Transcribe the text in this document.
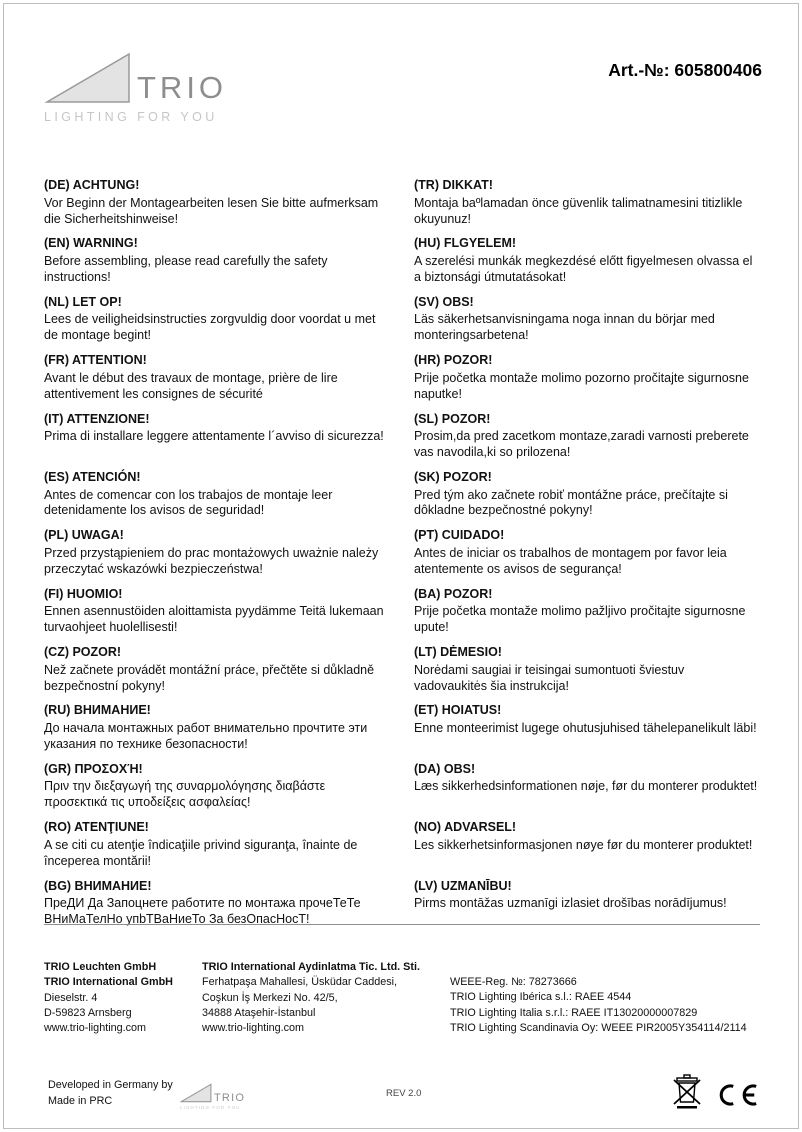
TRIO
LIGHTING FOR YOU
Art.-№: 605800406
(DE) ACHTUNG!
Vor Beginn der Montagearbeiten lesen Sie bitte aufmerksam die Sicherheitshinweise!
(TR) DIKKAT!
Montaja baºlamadan önce güvenlik talimatnamesini titizlikle okuyunuz!
(EN) WARNING!
Before assembling, please read carefully the safety instructions!
(HU) FLGYELEM!
A szerelési munkák megkezdésé előtt figyelmesen olvassa el a biztonsági útmutatásokat!
(NL) LET OP!
Lees de veiligheidsinstructies zorgvuldig door voordat u met de montage begint!
(SV) OBS!
Läs säkerhetsanvisningama noga innan du börjar med monteringsarbetena!
(FR) ATTENTION!
Avant le début des travaux de montage, prière de lire attentivement les consignes de sécurité
(HR) POZOR!
Prije početka montaže molimo pozorno pročitajte sigurnosne naputke!
(IT) ATTENZIONE!
Prima di installare leggere attentamente l´avviso di sicurezza!
(SL) POZOR!
Prosim,da pred zacetkom montaze,zaradi varnosti preberete vas navodila,ki so prilozena!
(ES) ATENCIÓN!
Antes de comencar con los trabajos de montaje leer detenidamente los avisos de seguridad!
(SK) POZOR!
Pred tým ako začnete robiť montážne práce, prečítajte si dôkladne bezpečnostné pokyny!
(PL) UWAGA!
Przed przystąpieniem do prac montażowych uważnie należy przeczytać wskazówki bezpieczeństwa!
(PT) CUIDADO!
Antes de iniciar os trabalhos de montagem por favor leia atentemente os avisos de segurança!
(FI) HUOMIO!
Ennen asennustöiden aloittamista pyydämme Teitä lukemaan turvaohjeet huolellisesti!
(BA) POZOR!
Prije početka montaže molimo pažljivo pročitajte sigurnosne upute!
(CZ) POZOR!
Než začnete provádět montážní práce, přečtěte si důkladně bezpečnostní pokyny!
(LT) DĖMESIO!
Norėdami saugiai ir teisingai sumontuoti šviestuv vadovaukitės šia instrukcija!
(RU) ВНИМАНИЕ!
До начала монтажных работ внимательно прочтите эти указания по технике безопасности!
(ET) HOIATUS!
Enne monteerimist lugege ohutusjuhised tähelepanelikult läbi!
(GR) ΠΡΟΣΟΧΉ!
Πριν την διεξαγωγή της συναρμολόγησης διαβάστε προσεκτικά τις υποδείξεις ασφαλείας!
(DA) OBS!
Læs sikkerhedsinformationen nøje, før du monterer produktet!
(RO) ATENŢIUNE!
A se citi cu atenţie îndicaţiile privind siguranţa, înainte de începerea montării!
(NO) ADVARSEL!
Les sikkerhetsinformasjonen nøye før du monterer produktet!
(BG) ВНИМАНИЕ!
ПреДИ Да Запоцнете работите по монтажа прочеТеТе ВНиМаТелНо упbТВаНиеТо За безОпасНосТ!
(LV) UZMANĪBU!
Pirms montāžas uzmanīgi izlasiet drošības norādījumus!
TRIO Leuchten GmbH
TRIO International GmbH
Dieselstr. 4
D-59823 Arnsberg
www.trio-lighting.com
TRIO International Aydinlatma Tic. Ltd. Sti.
Ferhatpaşa Mahallesi, Üsküdar Caddesi,
Coşkun İş Merkezi No. 42/5,
34888 Ataşehir-İstanbul
www.trio-lighting.com
WEEE-Reg. №: 78273666
TRIO Lighting Ibérica s.l.: RAEE 4544
TRIO Lighting Italia s.r.l.: RAEE IT13020000007829
TRIO Lighting Scandinavia Oy: WEEE PIR2005Y354114/2114
Developed in Germany by
Made in PRC	TRIO
LIGHTING FOR YOU
REV 2.0
